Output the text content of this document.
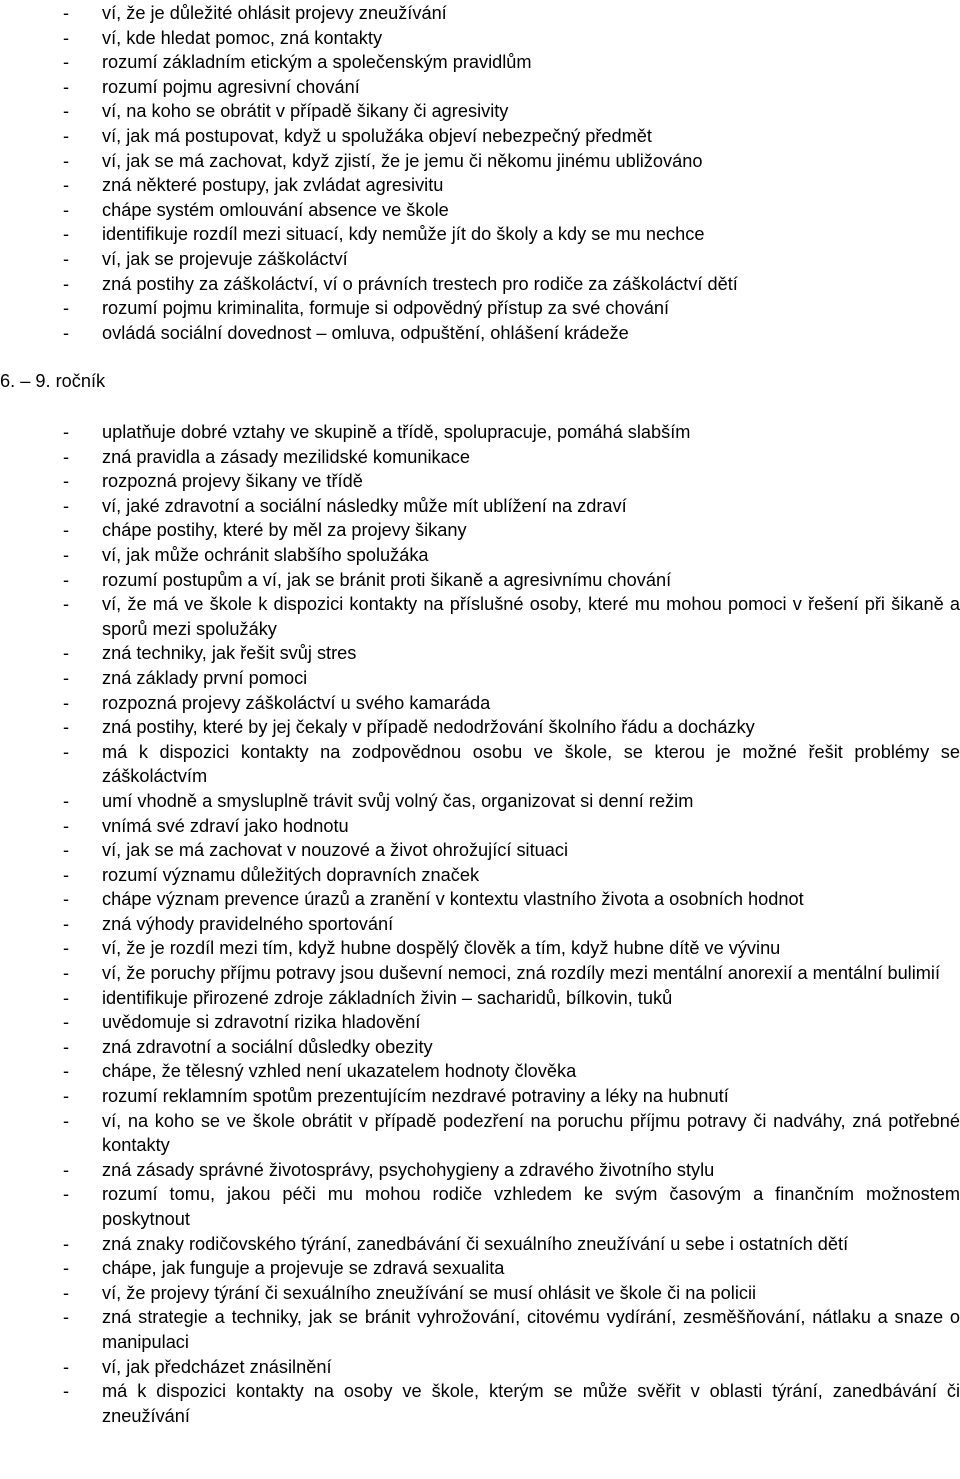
- ví, že je důležité ohlásit projevy zneužívání
- ví, kde hledat pomoc, zná kontakty
- rozumí základním etickým a společenským pravidlům
- rozumí pojmu agresivní chování
- ví, na koho se obrátit v případě šikany či agresivity
- ví, jak má postupovat, když u spolužáka objeví nebezpečný předmět
- ví, jak se má zachovat, když zjistí, že je jemu či někomu jinému ubližováno
- zná některé postupy, jak zvládat agresivitu
- chápe systém omlouvání absence ve škole
- identifikuje rozdíl mezi situací, kdy nemůže jít do školy a kdy se mu nechce
- ví, jak se projevuje záškoláctví
- zná postihy za záškoláctví, ví o právních trestech pro rodiče za záškoláctví dětí
- rozumí pojmu kriminalita, formuje si odpovědný přístup za své chování
- ovládá sociální dovednost – omluva, odpuštění, ohlášení krádeže
6. – 9. ročník
- uplatňuje dobré vztahy ve skupině a třídě, spolupracuje, pomáhá slabším
- zná pravidla a zásady mezilidské komunikace
- rozpozná projevy šikany ve třídě
- ví, jaké zdravotní a sociální následky může mít ublížení na zdraví
- chápe postihy, které by měl za projevy šikany
- ví, jak může ochránit slabšího spolužáka
- rozumí postupům a ví, jak se bránit proti šikaně a agresivnímu chování
- ví, že má ve škole k dispozici kontakty na příslušné osoby, které mu mohou pomoci v řešení při šikaně a sporů mezi spolužáky
- zná techniky, jak řešit svůj stres
- zná základy první pomoci
- rozpozná projevy záškoláctví u svého kamaráda
- zná postihy, které by jej čekaly v případě nedodržování školního řádu a docházky
- má k dispozici kontakty na zodpovědnou osobu ve škole, se kterou je možné řešit problémy se záškoláctvím
- umí vhodně a smysluplně trávit svůj volný čas, organizovat si denní režim
- vnímá své zdraví jako hodnotu
- ví, jak se má zachovat v nouzové a život ohrožující situaci
- rozumí významu důležitých dopravních značek
- chápe význam prevence úrazů a zranění v kontextu vlastního života a osobních hodnot
- zná výhody pravidelného sportování
- ví, že je rozdíl mezi tím, když hubne dospělý člověk a tím, když hubne dítě ve vývinu
- ví, že poruchy příjmu potravy jsou duševní nemoci, zná rozdíly mezi mentální anorexií a mentální bulimií
- identifikuje přirozené zdroje základních živin – sacharidů, bílkovin, tuků
- uvědomuje si zdravotní rizika hladovění
- zná zdravotní a sociální důsledky obezity
- chápe, že tělesný vzhled není ukazatelem hodnoty člověka
- rozumí reklamním spotům prezentujícím nezdravé potraviny a léky na hubnutí
- ví, na koho se ve škole obrátit v případě podezření na poruchu příjmu potravy či nadváhy, zná potřebné kontakty
- zná zásady správné životosprávy, psychohygieny a zdravého životního stylu
- rozumí tomu, jakou péči mu mohou rodiče vzhledem ke svým časovým a finančním možnostem poskytnout
- zná znaky rodičovského týrání, zanedbávání či sexuálního zneužívání u sebe i ostatních dětí
- chápe, jak funguje a projevuje se zdravá sexualita
- ví, že projevy týrání či sexuálního zneužívání se musí ohlásit ve škole či na policii
- zná strategie a techniky, jak se bránit vyhrožování, citovému vydírání, zesměšňování, nátlaku a snaze o manipulaci
- ví, jak předcházet znásilnění
- má k dispozici kontakty na osoby ve škole, kterým se může svěřit v oblasti týrání, zanedbávání či zneužívání
